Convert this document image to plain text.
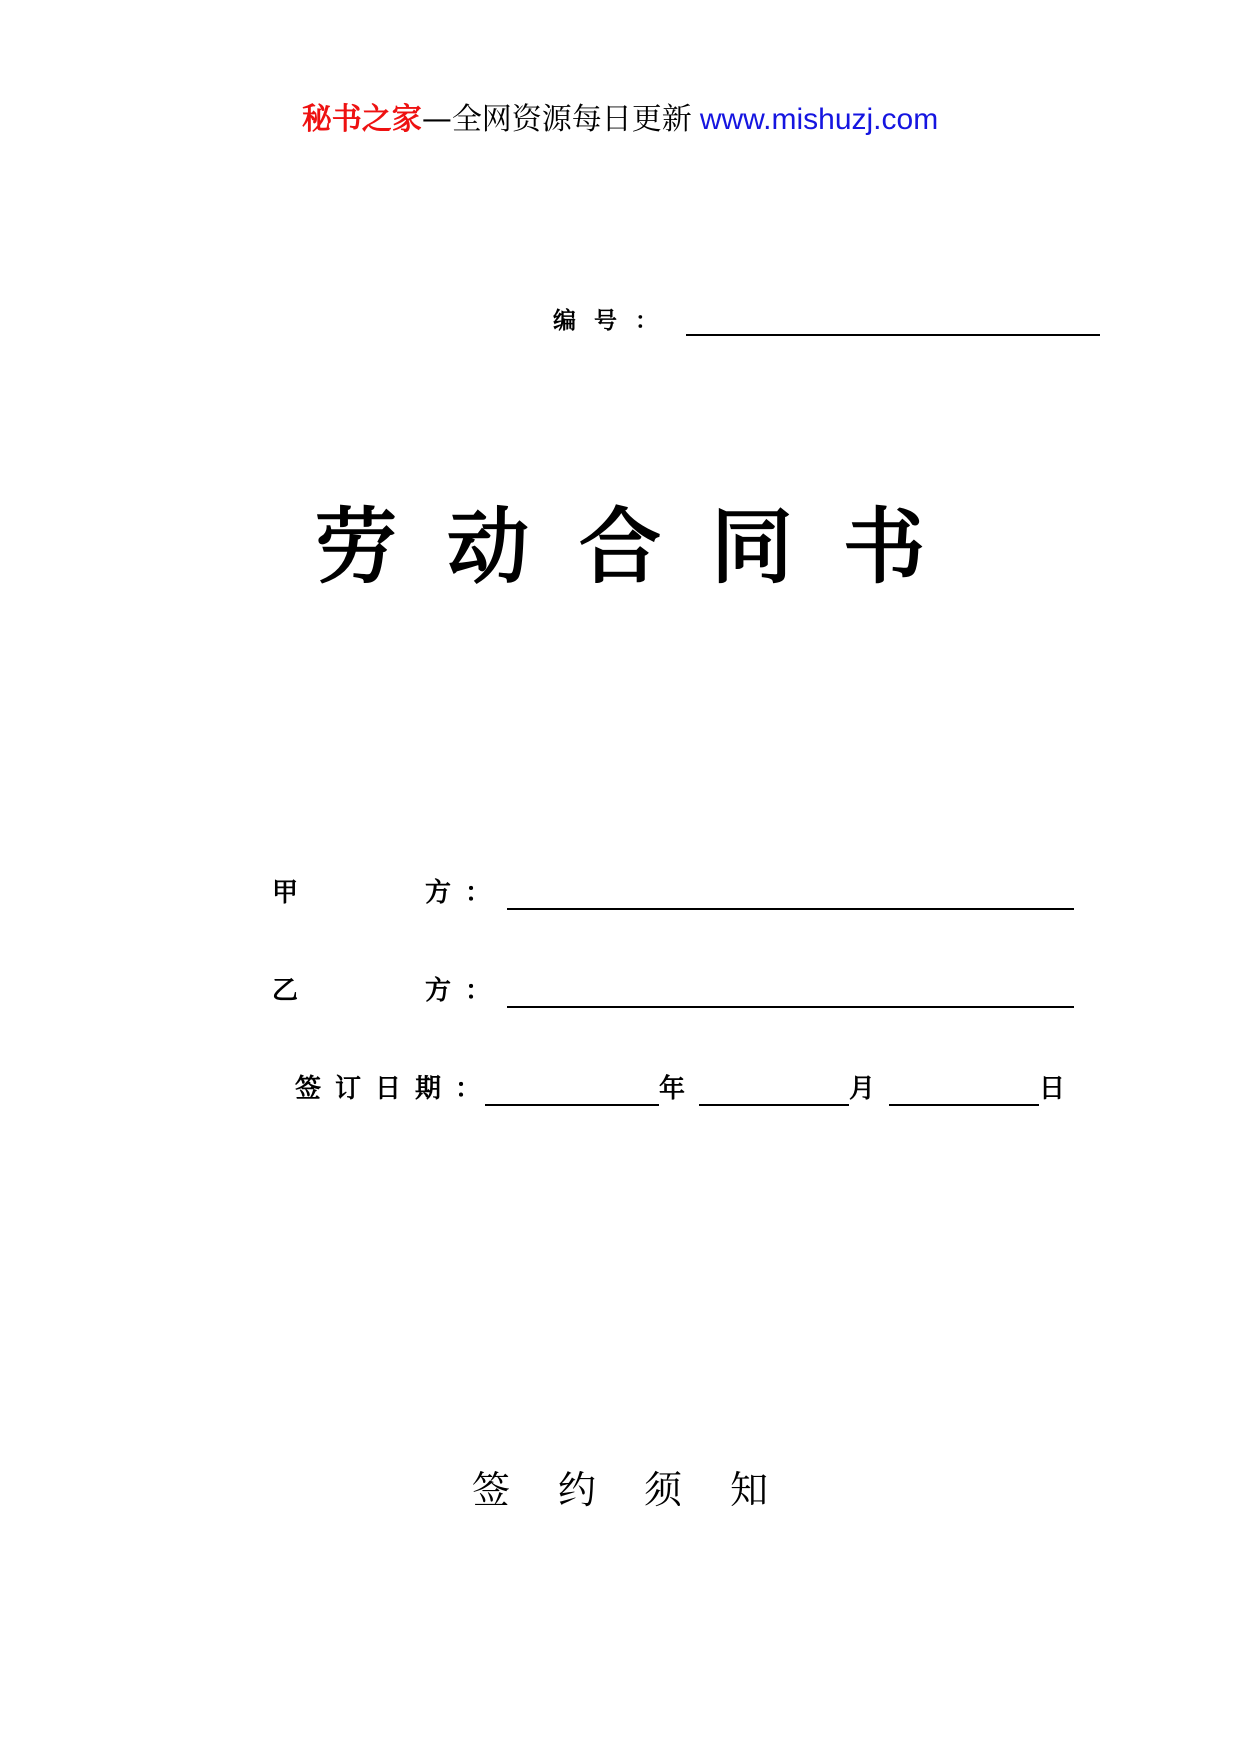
秘书之家—全网资源每日更新 www.mishuzj.com
编号：
劳动合同书
甲	方 ：
乙	方 ：
签订日期：	年	月	日
签约须知
